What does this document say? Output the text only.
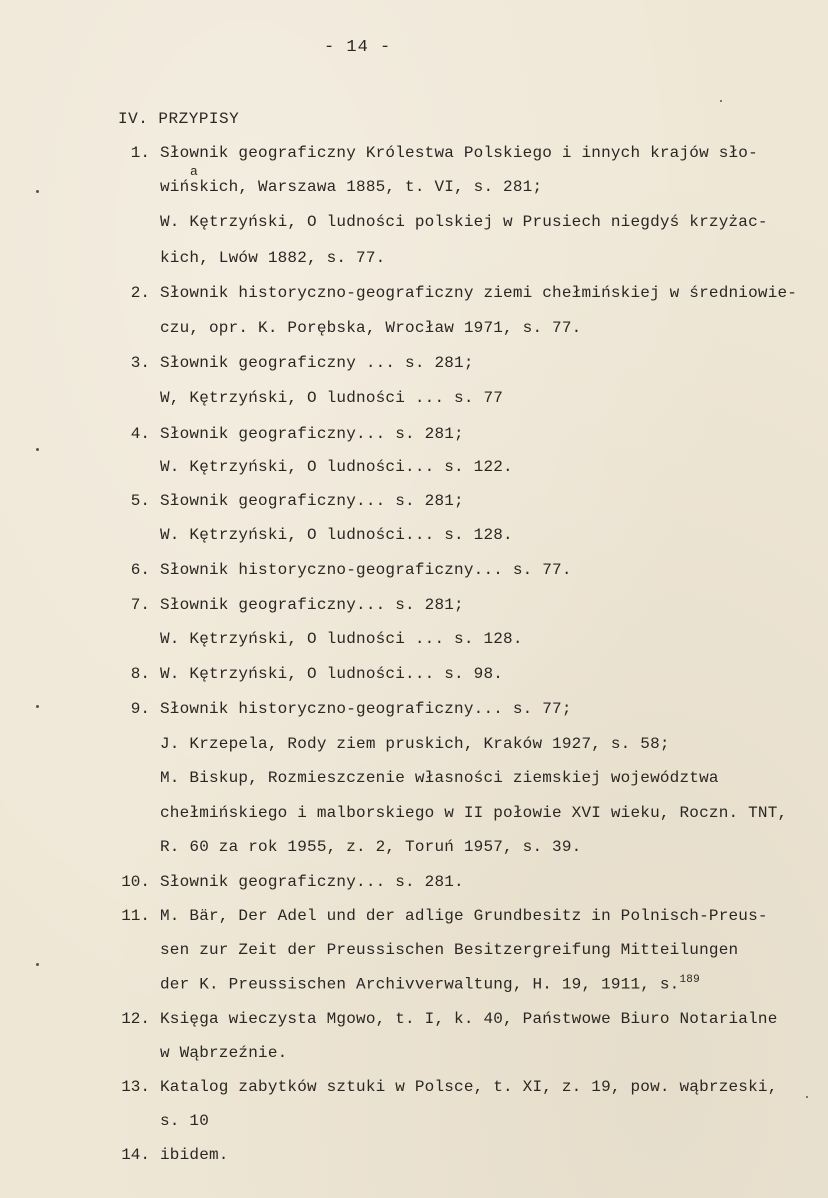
- 14 -
IV. PRZYPISY
1. Słownik geograficzny Królestwa Polskiego i innych krajów sło-
a
wińskich, Warszawa 1885, t. VI, s. 281;
W. Kętrzyński, O ludności polskiej w Prusiech niegdyś krzyżac-
kich, Lwów 1882, s. 77.
2. Słownik historyczno-geograficzny ziemi chełmińskiej w średniowie-
czu, opr. K. Porębska, Wrocław 1971, s. 77.
3. Słownik geograficzny ... s. 281;
W, Kętrzyński, O ludności ... s. 77
4. Słownik geograficzny... s. 281;
W. Kętrzyński, O ludności... s. 122.
5. Słownik geograficzny... s. 281;
W. Kętrzyński, O ludności... s. 128.
6. Słownik historyczno-geograficzny... s. 77.
7. Słownik geograficzny... s. 281;
W. Kętrzyński, O ludności ... s. 128.
8. W. Kętrzyński, O ludności... s. 98.
9. Słownik historyczno-geograficzny... s. 77;
J. Krzepela, Rody ziem pruskich, Kraków 1927, s. 58;
M. Biskup, Rozmieszczenie własności ziemskiej województwa
chełmińskiego i malborskiego w II połowie XVI wieku, Roczn. TNT,
R. 60 za rok 1955, z. 2, Toruń 1957, s. 39.
10. Słownik geograficzny... s. 281.
11. M. Bär, Der Adel und der adlige Grundbesitz in Polnisch-Preus-
sen zur Zeit der Preussischen Besitzergreifung Mitteilungen
der K. Preussischen Archivverwaltung, H. 19, 1911, s.$^{189}$
12. Księga wieczysta Mgowo, t. I, k. 40, Państwowe Biuro Notarialne
w Wąbrzeźnie.
13. Katalog zabytków sztuki w Polsce, t. XI, z. 19, pow. wąbrzeski,
s. 10
14. ibidem.
